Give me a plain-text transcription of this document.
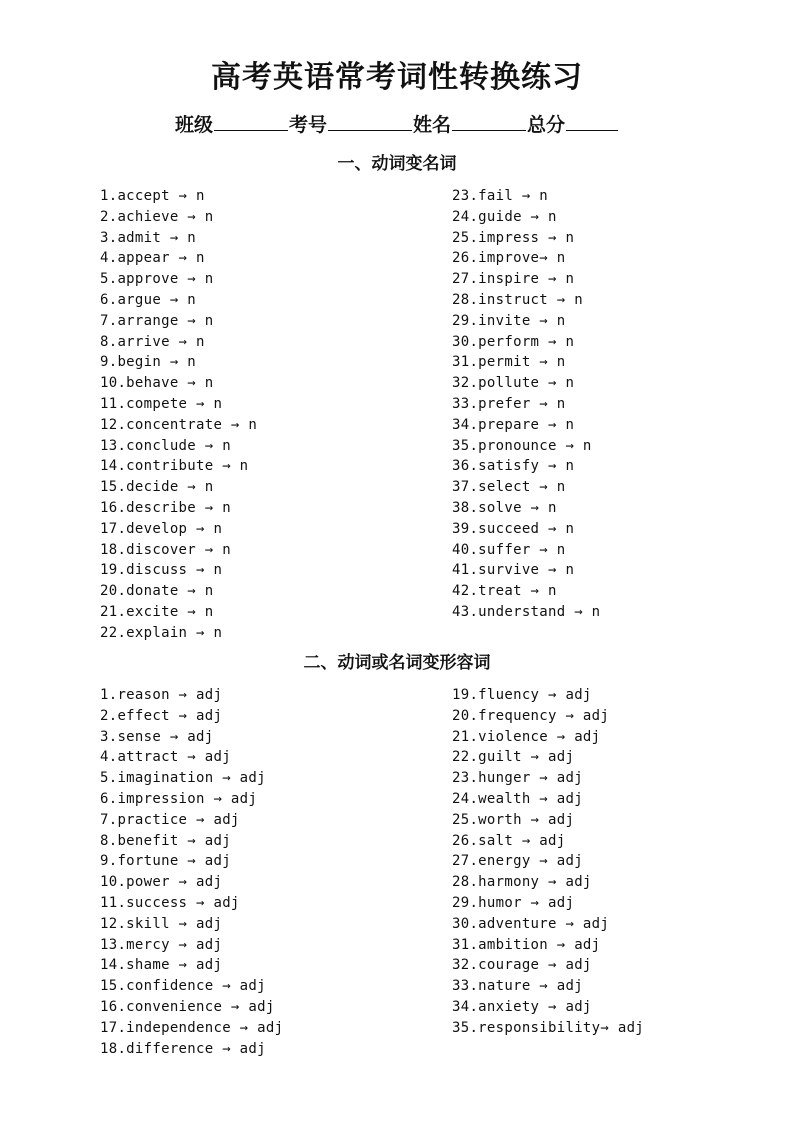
高考英语常考词性转换练习
班级	考号	姓名	总分
一、动词变名词
1.accept → n
2.achieve → n
3.admit → n
4.appear → n
5.approve → n
6.argue → n
7.arrange → n
8.arrive → n
9.begin → n
10.behave → n
11.compete → n
12.concentrate → n
13.conclude → n
14.contribute → n
15.decide → n
16.describe → n
17.develop → n
18.discover → n
19.discuss → n
20.donate → n
21.excite → n
22.explain → n
23.fail → n
24.guide → n
25.impress → n
26.improve→ n
27.inspire → n
28.instruct → n
29.invite → n
30.perform → n
31.permit → n
32.pollute → n
33.prefer → n
34.prepare → n
35.pronounce → n
36.satisfy → n
37.select → n
38.solve → n
39.succeed → n
40.suffer → n
41.survive → n
42.treat → n
43.understand → n
二、动词或名词变形容词
1.reason → adj
2.effect → adj
3.sense → adj
4.attract → adj
5.imagination → adj
6.impression → adj
7.practice → adj
8.benefit → adj
9.fortune → adj
10.power → adj
11.success → adj
12.skill → adj
13.mercy → adj
14.shame → adj
15.confidence → adj
16.convenience → adj
17.independence → adj
18.difference → adj
19.fluency → adj
20.frequency → adj
21.violence → adj
22.guilt → adj
23.hunger → adj
24.wealth → adj
25.worth → adj
26.salt → adj
27.energy → adj
28.harmony → adj
29.humor → adj
30.adventure → adj
31.ambition → adj
32.courage → adj
33.nature → adj
34.anxiety → adj
35.responsibility→ adj
